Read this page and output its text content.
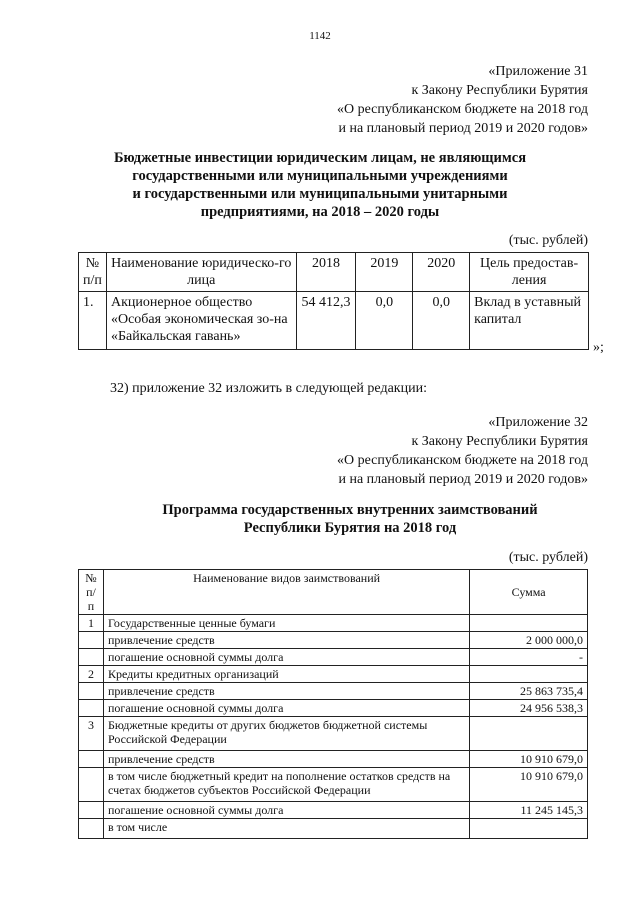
1142
«Приложение 31
к Закону Республики Бурятия
«О республиканском бюджете на 2018 год
и на плановый период 2019 и 2020 годов»
Бюджетные инвестиции юридическим лицам, не являющимся
государственными или муниципальными учреждениями
и государственными или муниципальными унитарными
предприятиями, на 2018 – 2020 годы
(тыс. рублей)
№ п/п	Наименование юридическо-го лица	2018	2019	2020	Цель предостав-ления
1.	Акционерное общество «Особая экономическая зо-на «Байкальская гавань»	54 412,3	0,0	0,0	Вклад в уставный капитал
»;
32) приложение 32 изложить в следующей редакции:
«Приложение 32
к Закону Республики Бурятия
«О республиканском бюджете на 2018 год
и на плановый период 2019 и 2020 годов»
Программа государственных внутренних заимствований
Республики Бурятия на 2018 год
(тыс. рублей)
№ п/п	Наименование видов заимствований	Сумма
1	Государственные ценные бумаги	
	привлечение средств	2 000 000,0
	погашение основной суммы долга	-
2	Кредиты кредитных организаций	
	привлечение средств	25 863 735,4
	погашение основной суммы долга	24 956 538,3
3	Бюджетные кредиты от других бюджетов бюджетной системы Российской Федерации	
	привлечение средств	10 910 679,0
	в том числе бюджетный кредит на пополнение остатков средств на счетах бюджетов субъектов Российской Федерации	10 910 679,0
	погашение основной суммы долга	11 245 145,3
	в том числе	
